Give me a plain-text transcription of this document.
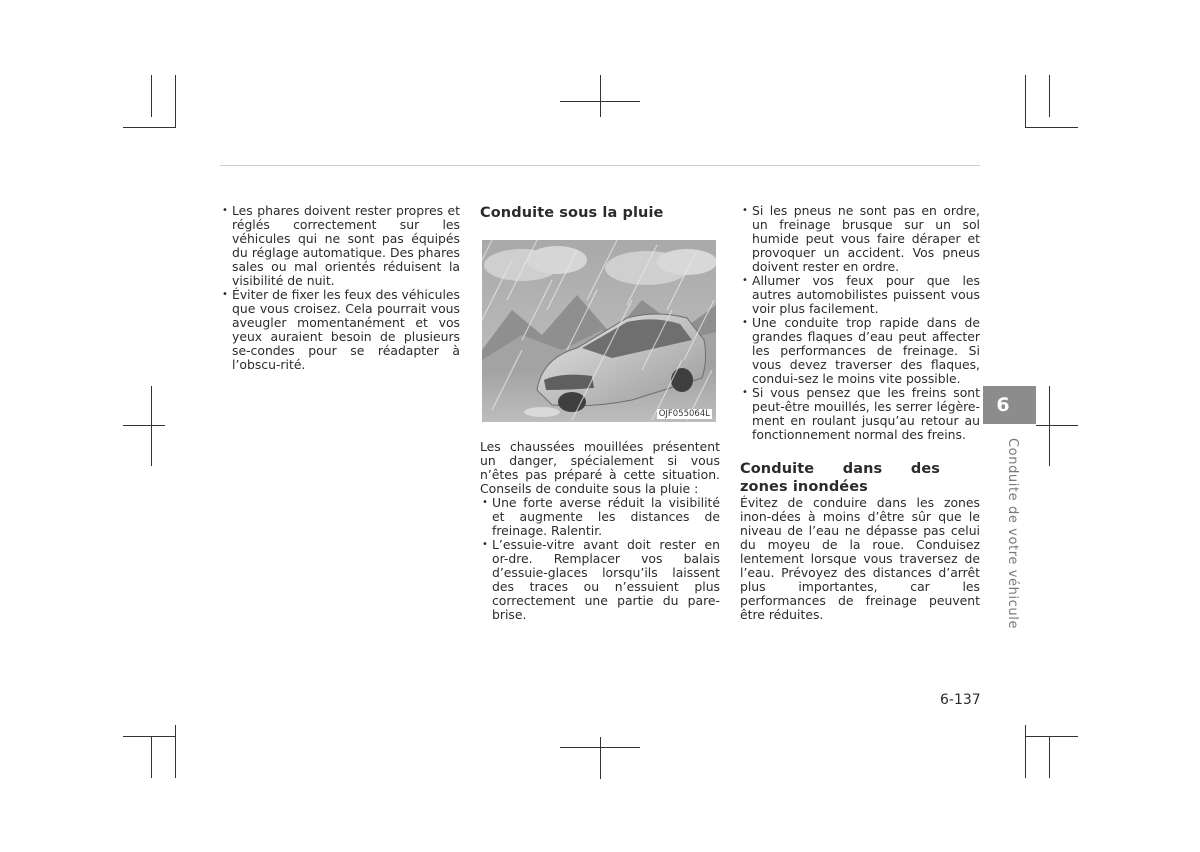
• Les phares doivent rester propres et réglés correctement sur les véhicules qui ne sont pas équipés du réglage automatique. Des phares sales ou mal orientés réduisent la visibilité de nuit.

• Éviter de fixer les feux des véhicules que vous croisez. Cela pourrait vous aveugler momentanément et vos yeux auraient besoin de plusieurs se-condes pour se réadapter à l’obscu-rité.

Conduite sous la pluie
OJF055064L

Les chaussées mouillées présentent un danger, spécialement si vous n’êtes pas préparé à cette situation. Conseils de conduite sous la pluie :

• Une forte averse réduit la visibilité et augmente les distances de freinage. Ralentir.

• L’essuie-vitre avant doit rester en or-dre. Remplacer vos balais d’essuie-glaces lorsqu’ils laissent des traces ou n’essuient plus correctement une partie du pare-brise.

• Si les pneus ne sont pas en ordre, un freinage brusque sur un sol humide peut vous faire déraper et provoquer un accident. Vos pneus doivent rester en ordre.

• Allumer vos feux pour que les autres automobilistes puissent vous voir plus facilement.

• Une conduite trop rapide dans de grandes flaques d’eau peut affecter les performances de freinage. Si vous devez traverser des flaques, condui-sez le moins vite possible.

• Si vous pensez que les freins sont peut-être mouillés, les serrer légère-ment en roulant jusqu’au retour au fonctionnement normal des freins.

Conduite dans des zones inondées

Évitez de conduire dans les zones inon-dées à moins d’être sûr que le niveau de l’eau ne dépasse pas celui du moyeu de la roue. Conduisez lentement lorsque vous traversez de l’eau. Prévoyez des distances d’arrêt plus importantes, car les performances de freinage peuvent être réduites.

6
Conduite de votre véhicule
6-137
